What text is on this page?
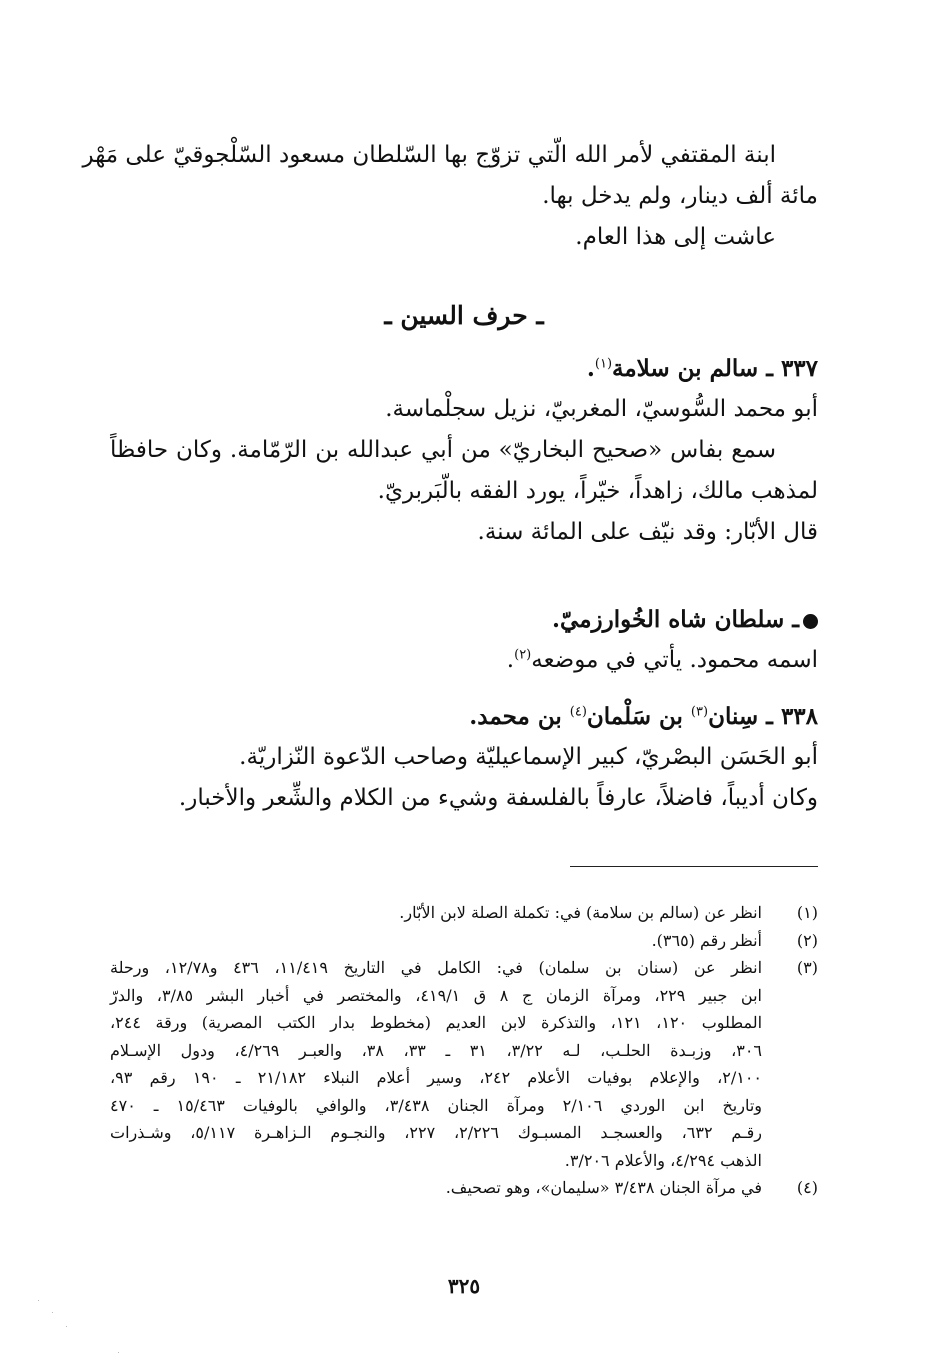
ابنة المقتفي لأمر الله الّتي تزوّج بها السّلطان مسعود السّلْجوقيّ على مَهْر
مائة ألف دينار، ولم يدخل بها.
عاشت إلى هذا العام.
ـ حرف السين ـ
٣٣٧ ـ سالم بن سلامة$^{(١)}$.
أبو محمد السُّوسيّ، المغربيّ، نزيل سجلْماسة.
سمع بفاس «صحيح البخاريّ» من أبي عبدالله بن الرّمّامة. وكان حافظاً
لمذهب مالك، زاهداً، خيّراً، يورد الفقه بالّبَربريّ.
قال الأبّار: وقد نيّف على المائة سنة.
ـ سلطان شاه الخُوارزميّ.
اسمه محمود. يأتي في موضعه$^{(٢)}$.
٣٣٨ ـ سِنان$^{(٣)}$ بن سَلْمان$^{(٤)}$ بن محمد.
أبو الحَسَن البصْريّ، كبير الإسماعيليّة وصاحب الدّعوة النّزاريّة.
وكان أديباً، فاضلاً، عارفاً بالفلسفة وشيء من الكلام والشِّعر والأخبار.
(١)
انظر عن (سالم بن سلامة) في: تكملة الصلة لابن الأبّار.
(٢)
أنظر رقم (٣٦٥).
(٣)
انظر عن (سنان بن سلمان) في: الكامل في التاريخ ١١/٤١٩، ٤٣٦ و١٢/٧٨، ورحلة
ابن جبير ٢٢٩، ومرآة الزمان ج ٨ ق ٤١٩/١، والمختصر في أخبار البشر ٣/٨٥، والدرّ
المطلوب ١٢٠، ١٢١، والتذكرة لابن العديم (مخطوط بدار الكتب المصرية) ورقة ٢٤٤،
٣٠٦، وزبـدة الحلـب، لـه ٣/٢٢، ٣١ ـ ٣٣، ٣٨، والعبـر ٤/٢٦٩، ودول الإسـلام
٢/١٠٠، والإعلام بوفيات الأعلام ٢٤٢، وسير أعلام النبلاء ٢١/١٨٢ ـ ١٩٠ رقم ٩٣،
وتاريخ ابن الوردي ٢/١٠٦ ومرآة الجنان ٣/٤٣٨، والوافي بالوفيات ١٥/٤٦٣ ـ ٤٧٠
رقـم ٦٣٢، والعسجـد المسبـوك ٢/٢٢٦، ٢٢٧، والنجـوم الـزاهـرة ٥/١١٧، وشـذرات
الذهب ٤/٢٩٤، والأعلام ٣/٢٠٦.
(٤)
في مرآة الجنان ٣/٤٣٨ «سليمان»، وهو تصحيف.
٣٢٥
